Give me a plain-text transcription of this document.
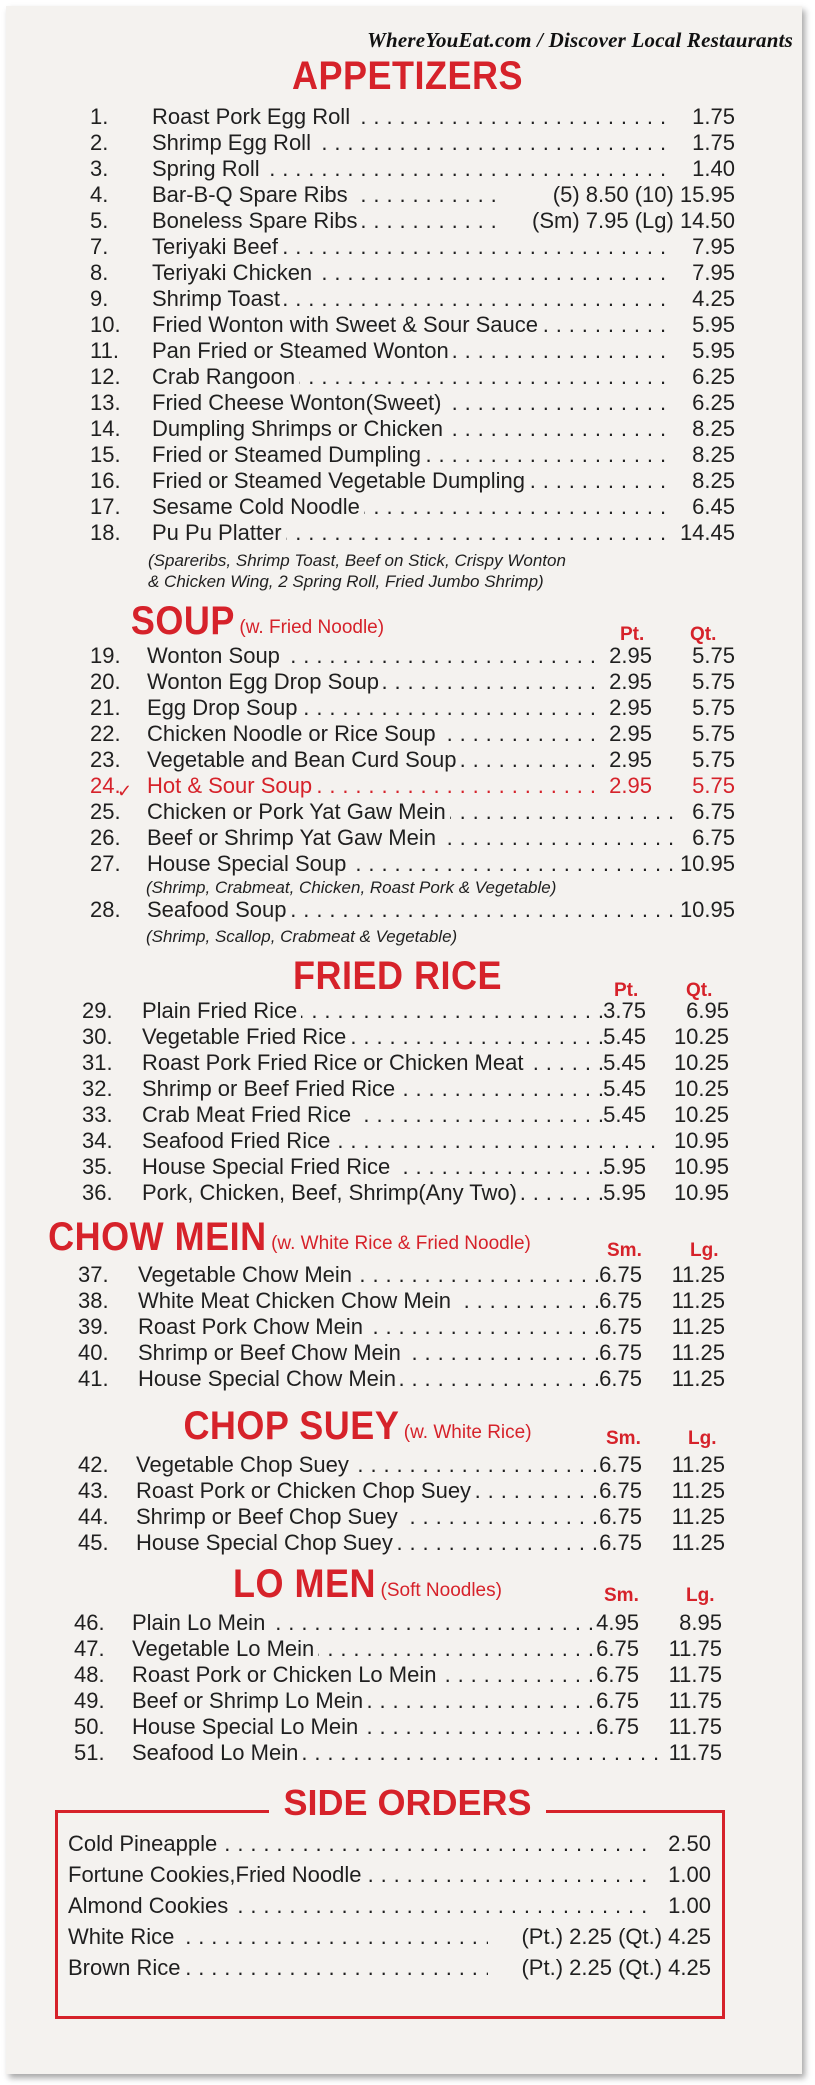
WhereYouEat.com / Discover Local Restaurants
APPETIZERS
1.	Roast Pork Egg Roll . . .	1.75
2.	Shrimp Egg Roll . . .	1.75
3.	Spring Roll . . .	1.40
4.	Bar-B-Q Spare Ribs . . .	(5) 8.50 (10) 15.95
5.	Boneless Spare Ribs . . .	(Sm) 7.95 (Lg) 14.50
7.	Teriyaki Beef . . .	7.95
8.	Teriyaki Chicken . . .	7.95
9.	Shrimp Toast . . .	4.25
10.	Fried Wonton with Sweet & Sour Sauce . . .	5.95
11.	Pan Fried or Steamed Wonton . . .	5.95
12.	Crab Rangoon . . .	6.25
13.	Fried Cheese Wonton(Sweet) . . .	6.25
14.	Dumpling Shrimps or Chicken . . .	8.25
15.	Fried or Steamed Dumpling . . .	8.25
16.	Fried or Steamed Vegetable Dumpling . . .	8.25
17.	Sesame Cold Noodle . . .	6.45
18.	Pu Pu Platter . . .	14.45
(Spareribs, Shrimp Toast, Beef on Stick, Crispy Wonton
& Chicken Wing, 2 Spring Roll, Fried Jumbo Shrimp)
SOUP (w. Fried Noodle)	Pt. Qt.
19.	Wonton Soup . . .	2.95 5.75
20.	Wonton Egg Drop Soup . . .	2.95 5.75
21.	Egg Drop Soup . . .	2.95 5.75
22.	Chicken Noodle or Rice Soup . . .	2.95 5.75
23.	Vegetable and Bean Curd Soup . . .	2.95 5.75
24.	Hot & Sour Soup . . .	2.95 5.75
25.	Chicken or Pork Yat Gaw Mein . . .	6.75
26.	Beef or Shrimp Yat Gaw Mein . . .	6.75
27.	House Special Soup . . .	10.95
28.	Seafood Soup . . .	10.95
✓
(Shrimp, Crabmeat, Chicken, Roast Pork & Vegetable)
(Shrimp, Scallop, Crabmeat & Vegetable)
FRIED RICE	Pt.	Qt.
29.	Plain Fried Rice . . .	3.75 6.95
30.	Vegetable Fried Rice . . .	5.45 10.25
31.	Roast Pork Fried Rice or Chicken Meat . . .	5.45 10.25
32.	Shrimp or Beef Fried Rice . . .	5.45 10.25
33.	Crab Meat Fried Rice . . .	5.45 10.25
34.	Seafood Fried Rice . . .	10.95
35.	House Special Fried Rice . . .	5.95 10.95
36.	Pork, Chicken, Beef, Shrimp(Any Two) . . .	5.95 10.95
CHOW MEIN (w. White Rice & Fried Noodle)	Sm.	Lg.
37.	Vegetable Chow Mein . . .	6.75 11.25
38.	White Meat Chicken Chow Mein . . .	6.75 11.25
39.	Roast Pork Chow Mein . . .	6.75 11.25
40.	Shrimp or Beef Chow Mein . . .	6.75 11.25
41.	House Special Chow Mein . . .	6.75 11.25
CHOP SUEY (w. White Rice)	Sm. Lg.
42.	Vegetable Chop Suey . . .	6.75 11.25
43.	Roast Pork or Chicken Chop Suey . . .	6.75 11.25
44.	Shrimp or Beef Chop Suey . . .	6.75 11.25
45.	House Special Chop Suey . . .	6.75 11.25
LO MEN (Soft Noodles)	Sm. Lg.
46.	Plain Lo Mein . . .	4.95 8.95
47.	Vegetable Lo Mein . . .	6.75 11.75
48.	Roast Pork or Chicken Lo Mein . . .	6.75 11.75
49.	Beef or Shrimp Lo Mein . . .	6.75 11.75
50.	House Special Lo Mein . . .	6.75 11.75
51.	Seafood Lo Mein . . .	11.75
SIDE ORDERS
Cold Pineapple . . .	2.50
Fortune Cookies,Fried Noodle . . .	1.00
Almond Cookies . . .	1.00
White Rice . . .	(Pt.) 2.25 (Qt.) 4.25
Brown Rice . . .	(Pt.) 2.25 (Qt.) 4.25
